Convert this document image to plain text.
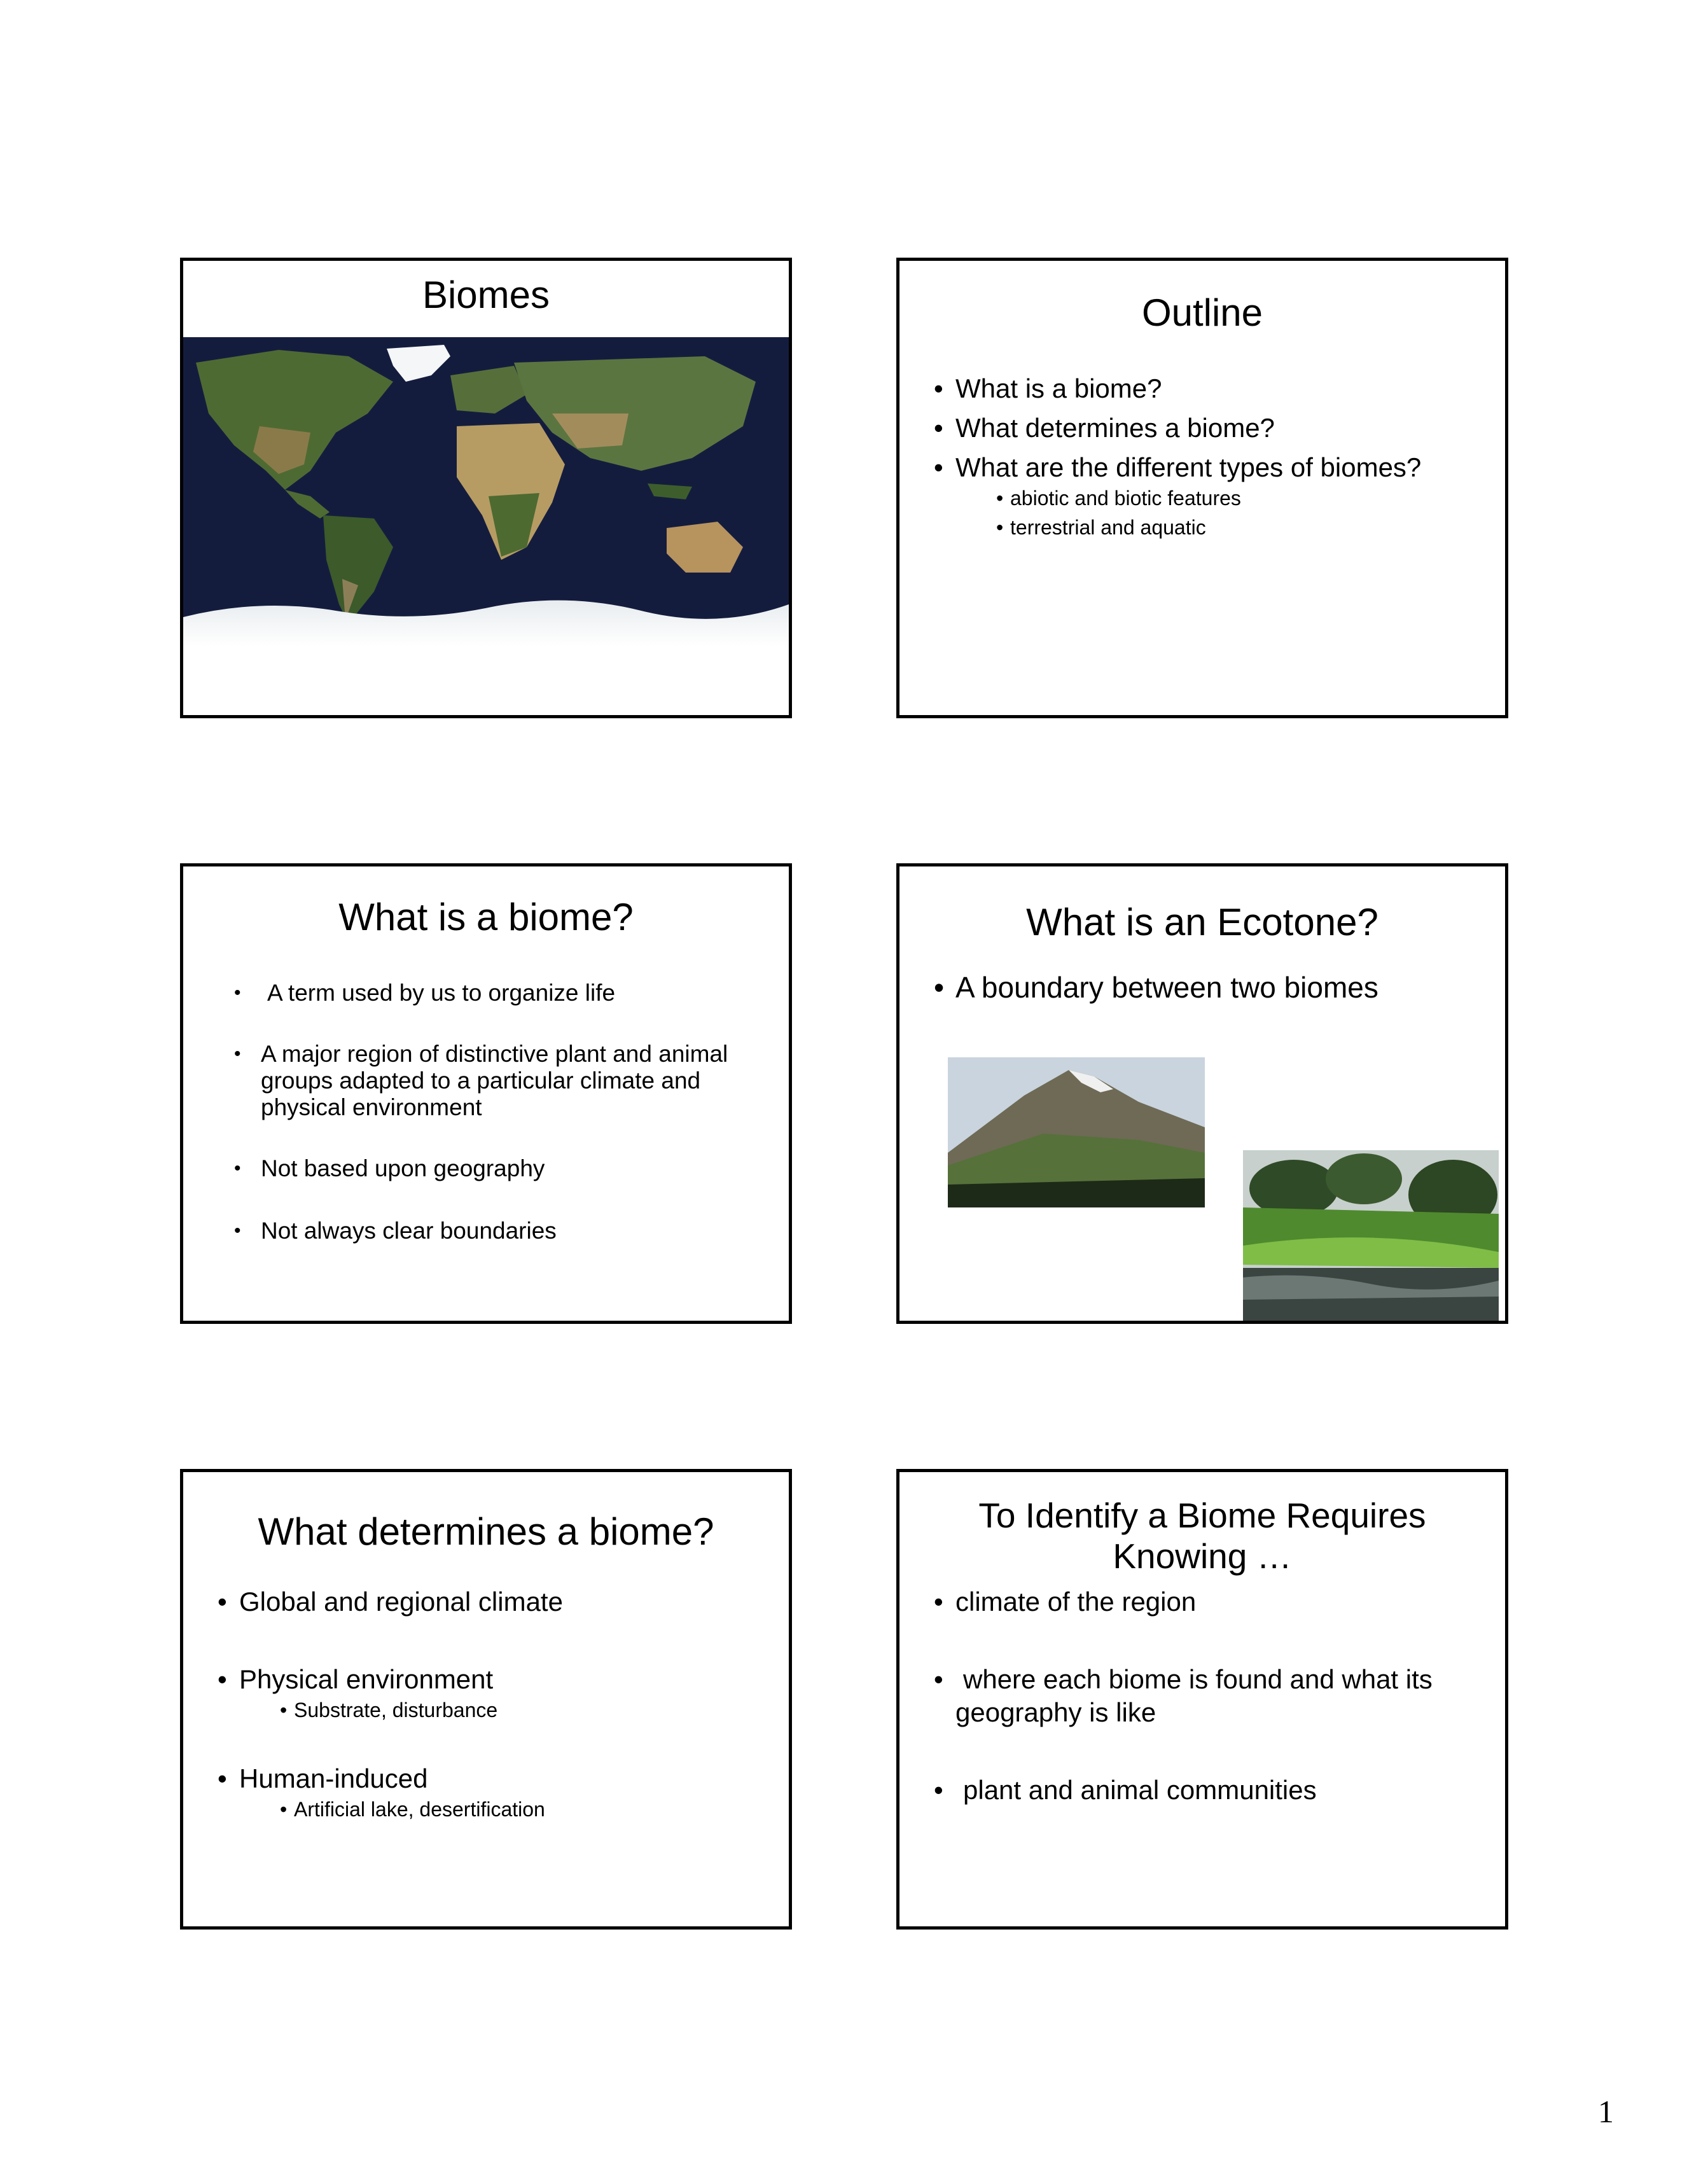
Biomes	Outline
• What is a biome?
• What determines a biome?
• What are the different types of biomes?
• abiotic and biotic features
• terrestrial and aquatic
What is a biome?
• A term used by us to organize life
• A major region of distinctive plant and animal groups adapted to a particular climate and physical environment
• Not based upon geography
• Not always clear boundaries
What is an Ecotone?
• A boundary between two biomes
What determines a biome?
• Global and regional climate
• Physical environment
• Substrate, disturbance
• Human-induced
• Artificial lake, desertification
To Identify a Biome Requires Knowing …
• climate of the region
• where each biome is found and what its geography is like
• plant and animal communities
1
